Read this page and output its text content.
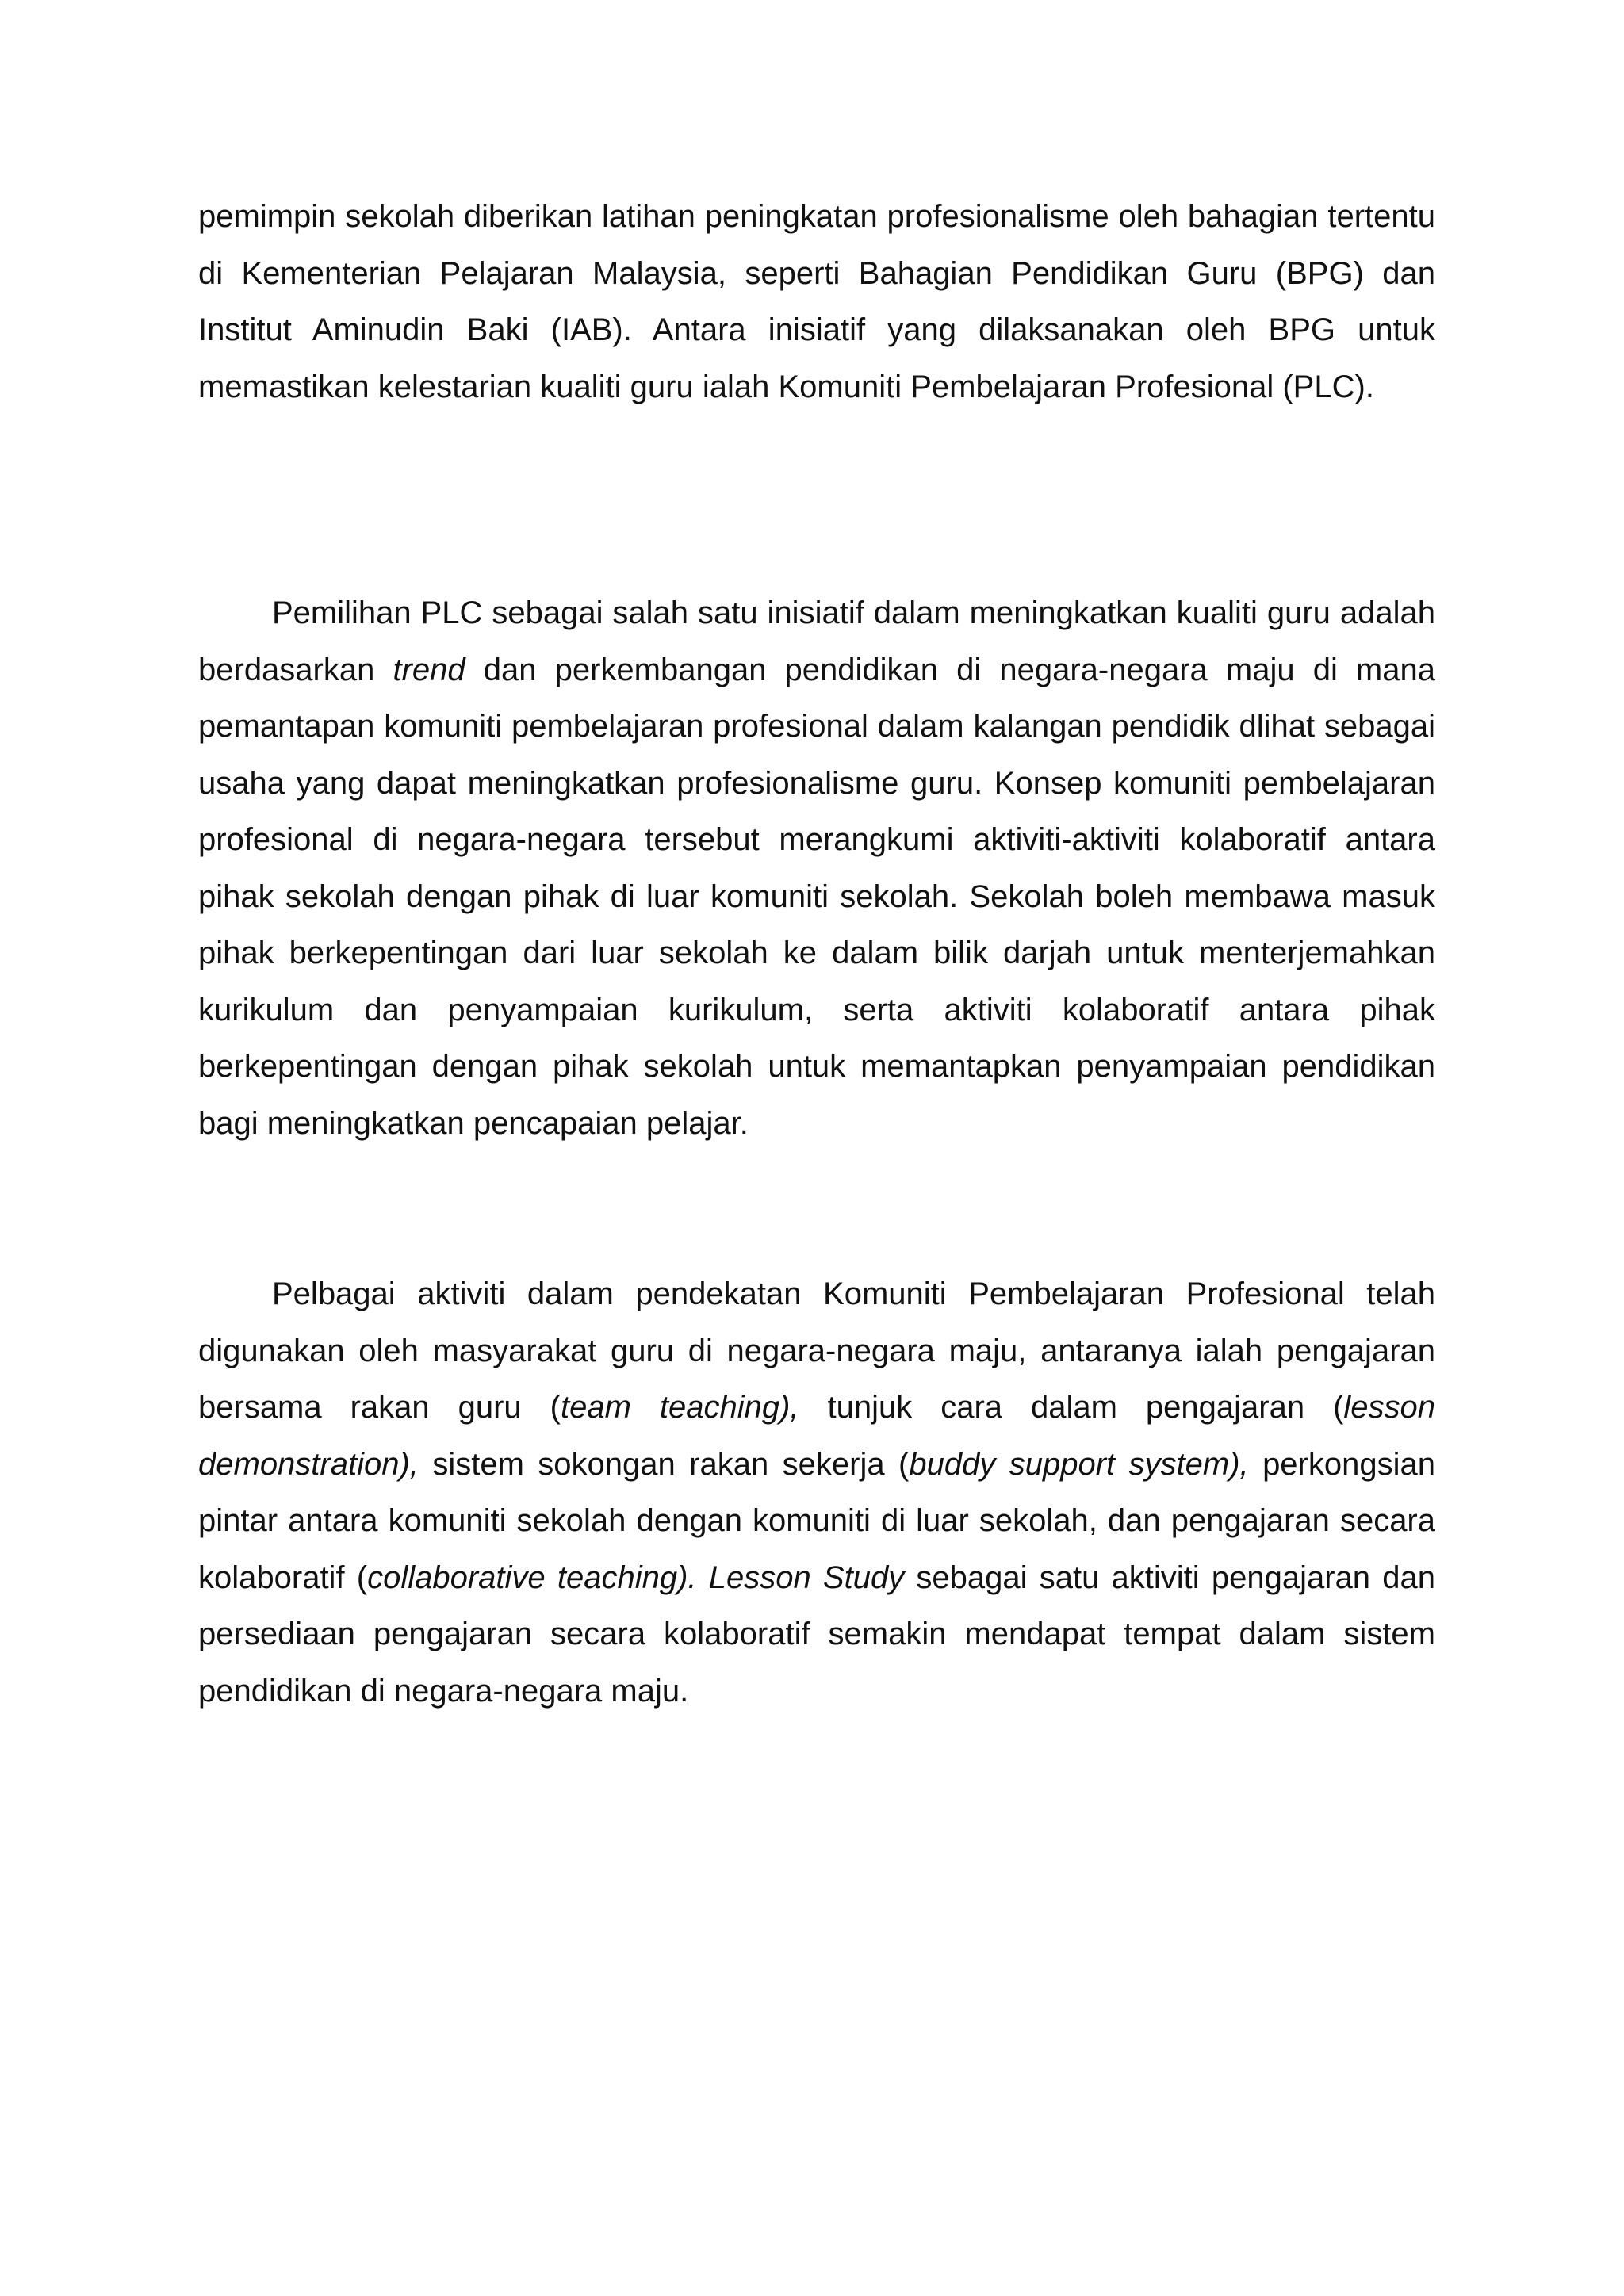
pemimpin sekolah diberikan latihan peningkatan profesionalisme oleh bahagian tertentu di Kementerian Pelajaran Malaysia, seperti Bahagian Pendidikan Guru (BPG) dan Institut Aminudin Baki (IAB). Antara inisiatif yang dilaksanakan oleh BPG untuk memastikan kelestarian kualiti guru ialah Komuniti Pembelajaran Profesional (PLC).

Pemilihan PLC sebagai salah satu inisiatif dalam meningkatkan kualiti guru adalah berdasarkan trend dan perkembangan pendidikan di negara-negara maju di mana pemantapan komuniti pembelajaran profesional dalam kalangan pendidik dlihat sebagai usaha yang dapat meningkatkan profesionalisme guru. Konsep komuniti pembelajaran profesional di negara-negara tersebut merangkumi aktiviti-aktiviti kolaboratif antara pihak sekolah dengan pihak di luar komuniti sekolah. Sekolah boleh membawa masuk pihak berkepentingan dari luar sekolah ke dalam bilik darjah untuk menterjemahkan kurikulum dan penyampaian kurikulum, serta aktiviti kolaboratif antara pihak berkepentingan dengan pihak sekolah untuk memantapkan penyampaian pendidikan bagi meningkatkan pencapaian pelajar.

Pelbagai aktiviti dalam pendekatan Komuniti Pembelajaran Profesional telah digunakan oleh masyarakat guru di negara-negara maju, antaranya ialah pengajaran bersama rakan guru (team teaching), tunjuk cara dalam pengajaran (lesson demonstration), sistem sokongan rakan sekerja (buddy support system), perkongsian pintar antara komuniti sekolah dengan komuniti di luar sekolah, dan pengajaran secara kolaboratif (collaborative teaching). Lesson Study sebagai satu aktiviti pengajaran dan persediaan pengajaran secara kolaboratif semakin mendapat tempat dalam sistem pendidikan di negara-negara maju.
